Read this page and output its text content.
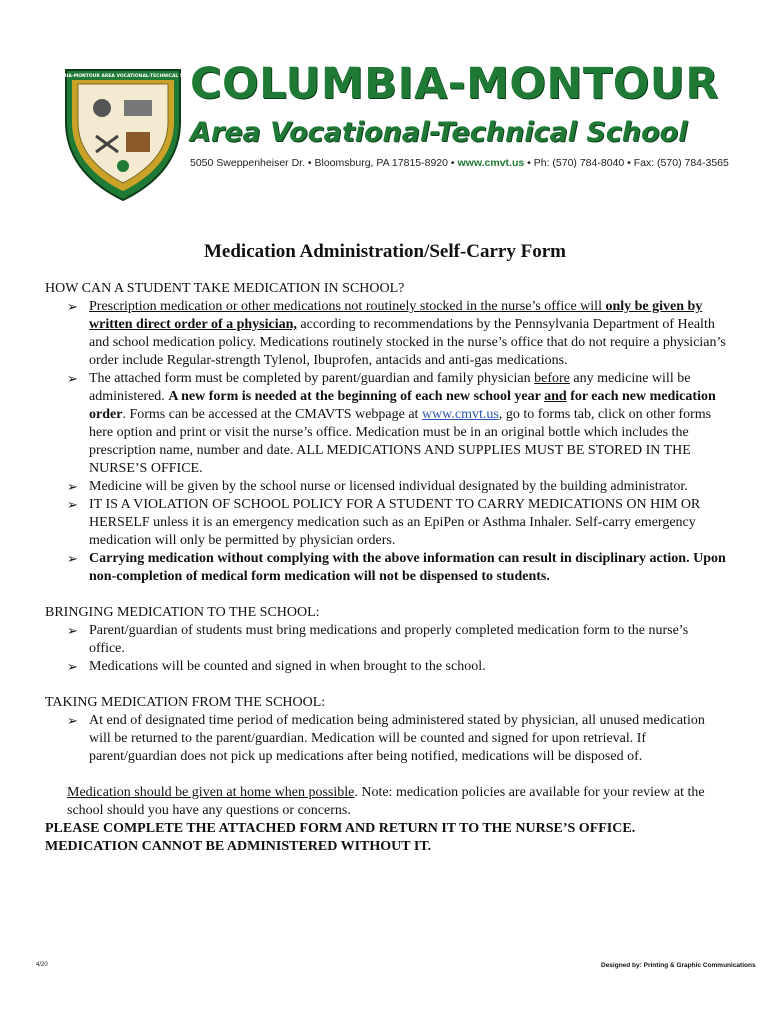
COLUMBIA-MONTOUR AREA VOCATIONAL-TECHNICAL SCHOOL
COLUMBIA-MONTOUR
Area Vocational-Technical School
5050 Sweppenheiser Dr. • Bloomsburg, PA 17815-8920 • www.cmvt.us • Ph: (570) 784-8040 • Fax: (570) 784-3565
Medication Administration/Self-Carry Form

HOW CAN A STUDENT TAKE MEDICATION IN SCHOOL?

➢ Prescription medication or other medications not routinely stocked in the nurse’s office will only be given by written direct order of a physician, according to recommendations by the Pennsylvania Department of Health and school medication policy. Medications routinely stocked in the nurse’s office that do not require a physician’s order include Regular-strength Tylenol, Ibuprofen, antacids and anti-gas medications.
➢ The attached form must be completed by parent/guardian and family physician before any medicine will be administered. A new form is needed at the beginning of each new school year and for each new medication order. Forms can be accessed at the CMAVTS webpage at www.cmvt.us, go to forms tab, click on other forms here option and print or visit the nurse’s office. Medication must be in an original bottle which includes the prescription name, number and date. ALL MEDICATIONS AND SUPPLIES MUST BE STORED IN THE NURSE’S OFFICE.
➢ Medicine will be given by the school nurse or licensed individual designated by the building administrator.
➢ IT IS A VIOLATION OF SCHOOL POLICY FOR A STUDENT TO CARRY MEDICATIONS ON HIM OR HERSELF unless it is an emergency medication such as an EpiPen or Asthma Inhaler. Self-carry emergency medication will only be permitted by physician orders.
➢ Carrying medication without complying with the above information can result in disciplinary action. Upon non-completion of medical form medication will not be dispensed to students.

BRINGING MEDICATION TO THE SCHOOL:

➢ Parent/guardian of students must bring medications and properly completed medication form to the nurse’s office.
➢ Medications will be counted and signed in when brought to the school.

TAKING MEDICATION FROM THE SCHOOL:

➢ At end of designated time period of medication being administered stated by physician, all unused medication will be returned to the parent/guardian. Medication will be counted and signed for upon retrieval. If parent/guardian does not pick up medications after being notified, medications will be disposed of.

Medication should be given at home when possible. Note: medication policies are available for your review at the school should you have any questions or concerns.

PLEASE COMPLETE THE ATTACHED FORM AND RETURN IT TO THE NURSE’S OFFICE. MEDICATION CANNOT BE ADMINISTERED WITHOUT IT.

4/20	Designed by: Printing & Graphic Communications
